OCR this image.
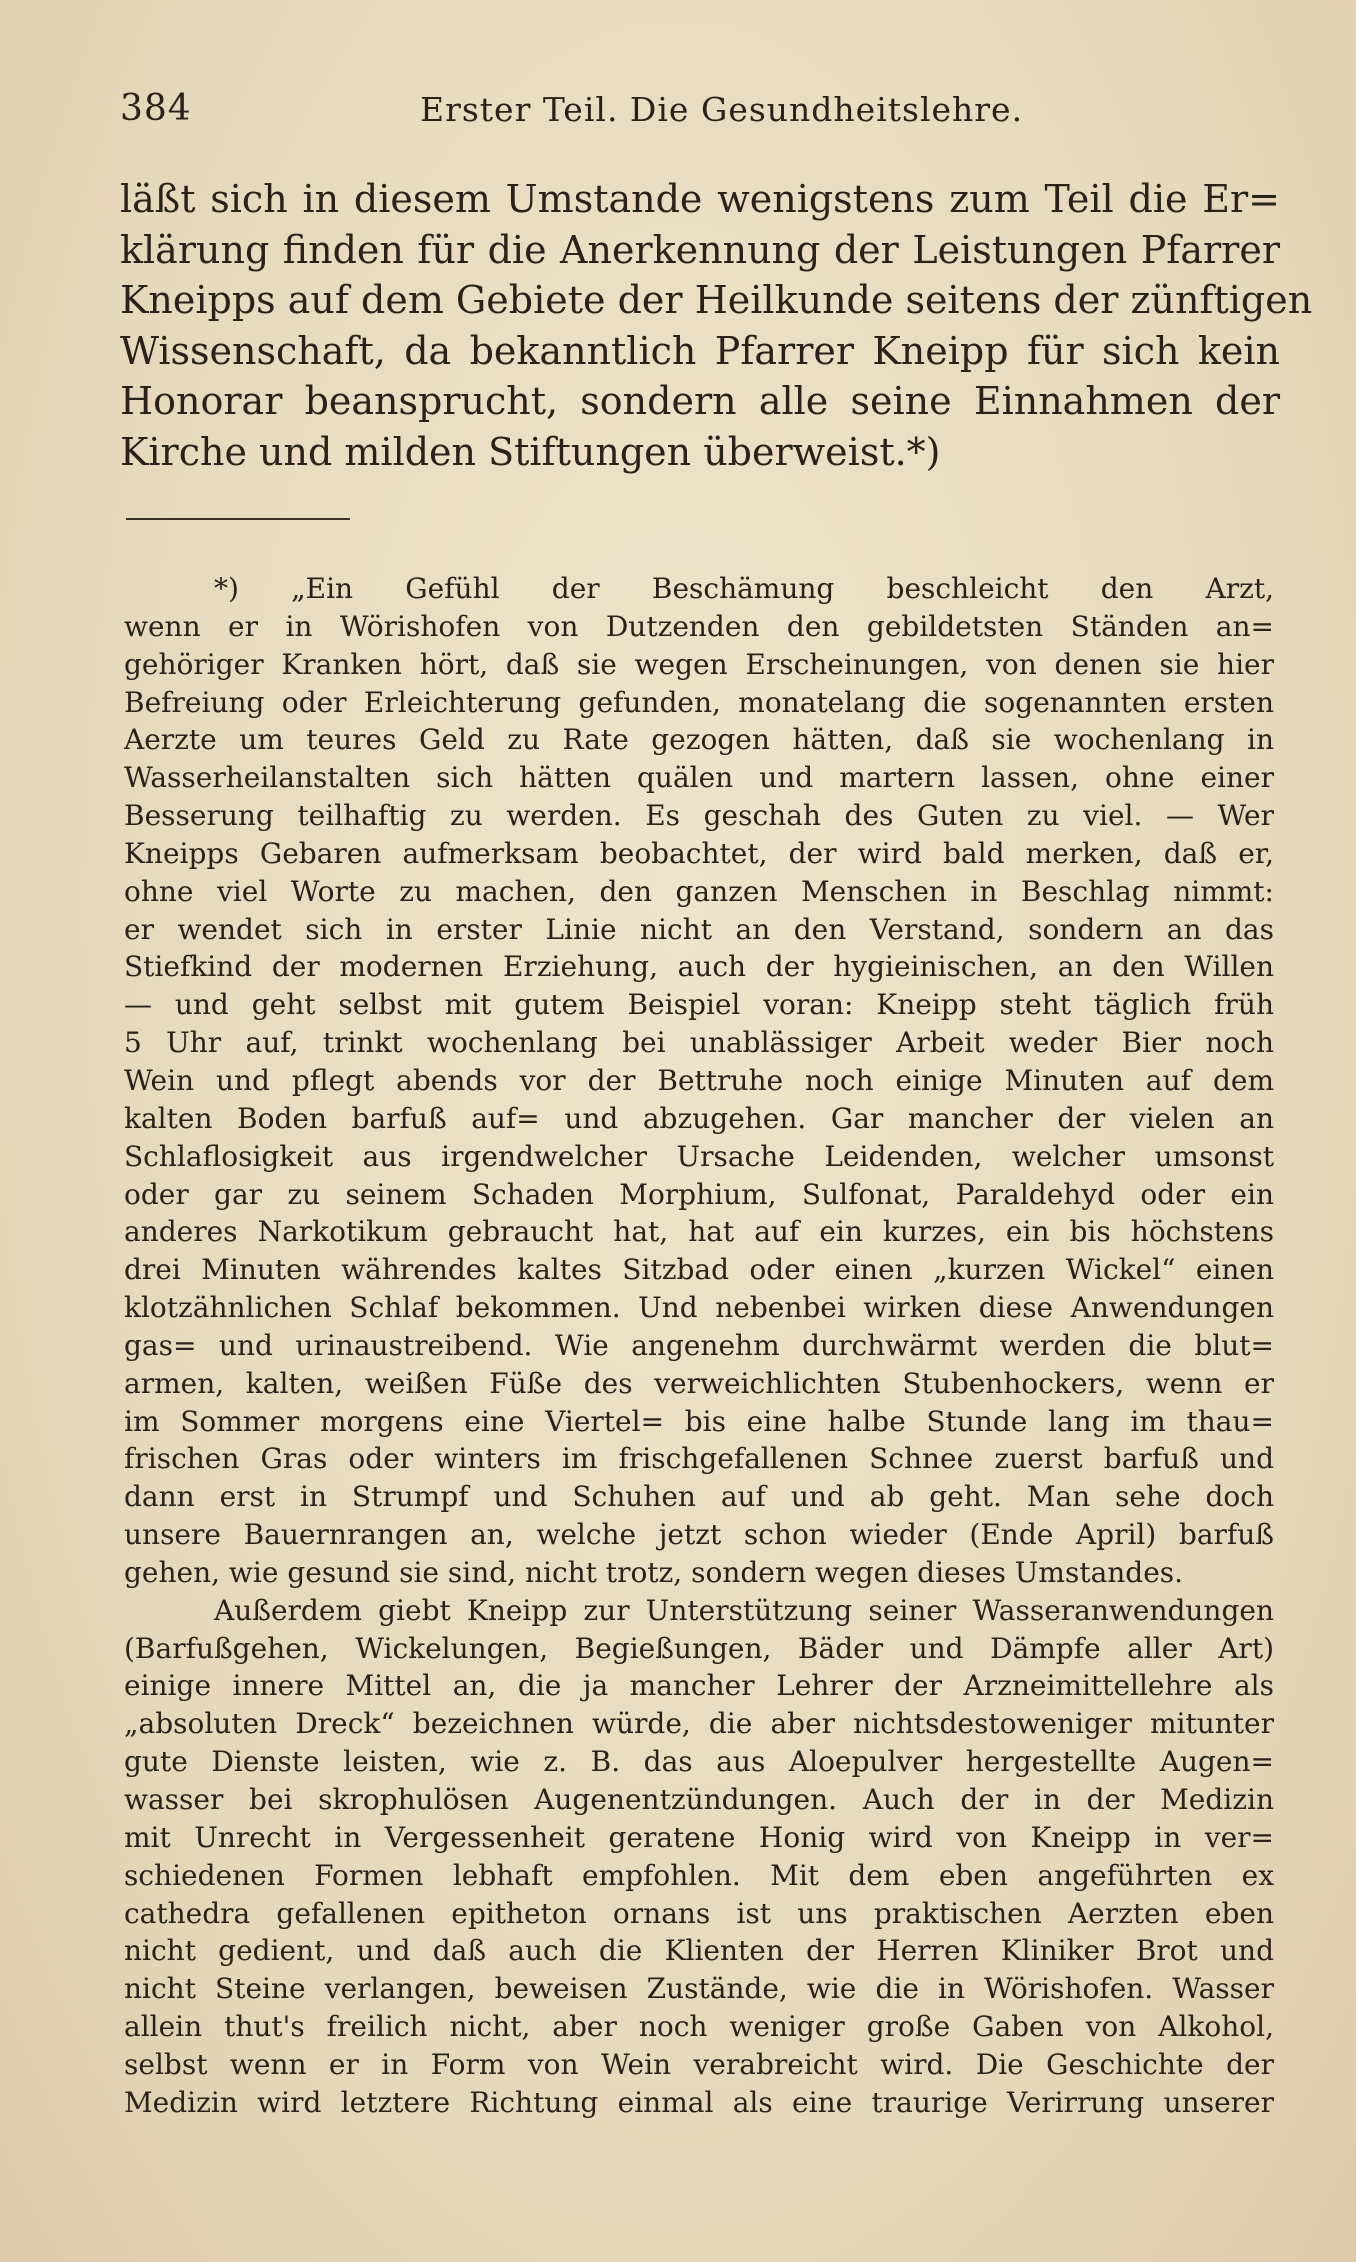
384	Erster Teil. Die Gesundheitslehre.
läßt sich in diesem Umstande wenigstens zum Teil die Er=
klärung finden für die Anerkennung der Leistungen Pfarrer
Kneipps auf dem Gebiete der Heilkunde seitens der zünftigen
Wissenschaft, da bekanntlich Pfarrer Kneipp für sich kein
Honorar beansprucht, sondern alle seine Einnahmen der
Kirche und milden Stiftungen überweist.*)
*) „Ein Gefühl der Beschämung beschleicht den Arzt,
wenn er in Wörishofen von Dutzenden den gebildetsten Ständen an=
gehöriger Kranken hört, daß sie wegen Erscheinungen, von denen sie hier
Befreiung oder Erleichterung gefunden, monatelang die sogenannten ersten
Aerzte um teures Geld zu Rate gezogen hätten, daß sie wochenlang in
Wasserheilanstalten sich hätten quälen und martern lassen, ohne einer
Besserung teilhaftig zu werden. Es geschah des Guten zu viel. — Wer
Kneipps Gebaren aufmerksam beobachtet, der wird bald merken, daß er,
ohne viel Worte zu machen, den ganzen Menschen in Beschlag nimmt:
er wendet sich in erster Linie nicht an den Verstand, sondern an das
Stiefkind der modernen Erziehung, auch der hygieinischen, an den Willen
— und geht selbst mit gutem Beispiel voran: Kneipp steht täglich früh
5 Uhr auf, trinkt wochenlang bei unablässiger Arbeit weder Bier noch
Wein und pflegt abends vor der Bettruhe noch einige Minuten auf dem
kalten Boden barfuß auf= und abzugehen. Gar mancher der vielen an
Schlaflosigkeit aus irgendwelcher Ursache Leidenden, welcher umsonst
oder gar zu seinem Schaden Morphium, Sulfonat, Paraldehyd oder ein
anderes Narkotikum gebraucht hat, hat auf ein kurzes, ein bis höchstens
drei Minuten währendes kaltes Sitzbad oder einen „kurzen Wickel“ einen
klotzähnlichen Schlaf bekommen. Und nebenbei wirken diese Anwendungen
gas= und urinaustreibend. Wie angenehm durchwärmt werden die blut=
armen, kalten, weißen Füße des verweichlichten Stubenhockers, wenn er
im Sommer morgens eine Viertel= bis eine halbe Stunde lang im thau=
frischen Gras oder winters im frischgefallenen Schnee zuerst barfuß und
dann erst in Strumpf und Schuhen auf und ab geht. Man sehe doch
unsere Bauernrangen an, welche jetzt schon wieder (Ende April) barfuß
gehen, wie gesund sie sind, nicht trotz, sondern wegen dieses Umstandes.
Außerdem giebt Kneipp zur Unterstützung seiner Wasseranwendungen
(Barfußgehen, Wickelungen, Begießungen, Bäder und Dämpfe aller Art)
einige innere Mittel an, die ja mancher Lehrer der Arzneimittellehre als
„absoluten Dreck“ bezeichnen würde, die aber nichtsdestoweniger mitunter
gute Dienste leisten, wie z. B. das aus Aloepulver hergestellte Augen=
wasser bei skrophulösen Augenentzündungen. Auch der in der Medizin
mit Unrecht in Vergessenheit geratene Honig wird von Kneipp in ver=
schiedenen Formen lebhaft empfohlen. Mit dem eben angeführten ex
cathedra gefallenen epitheton ornans ist uns praktischen Aerzten eben
nicht gedient, und daß auch die Klienten der Herren Kliniker Brot und
nicht Steine verlangen, beweisen Zustände, wie die in Wörishofen. Wasser
allein thut's freilich nicht, aber noch weniger große Gaben von Alkohol,
selbst wenn er in Form von Wein verabreicht wird. Die Geschichte der
Medizin wird letztere Richtung einmal als eine traurige Verirrung unserer
